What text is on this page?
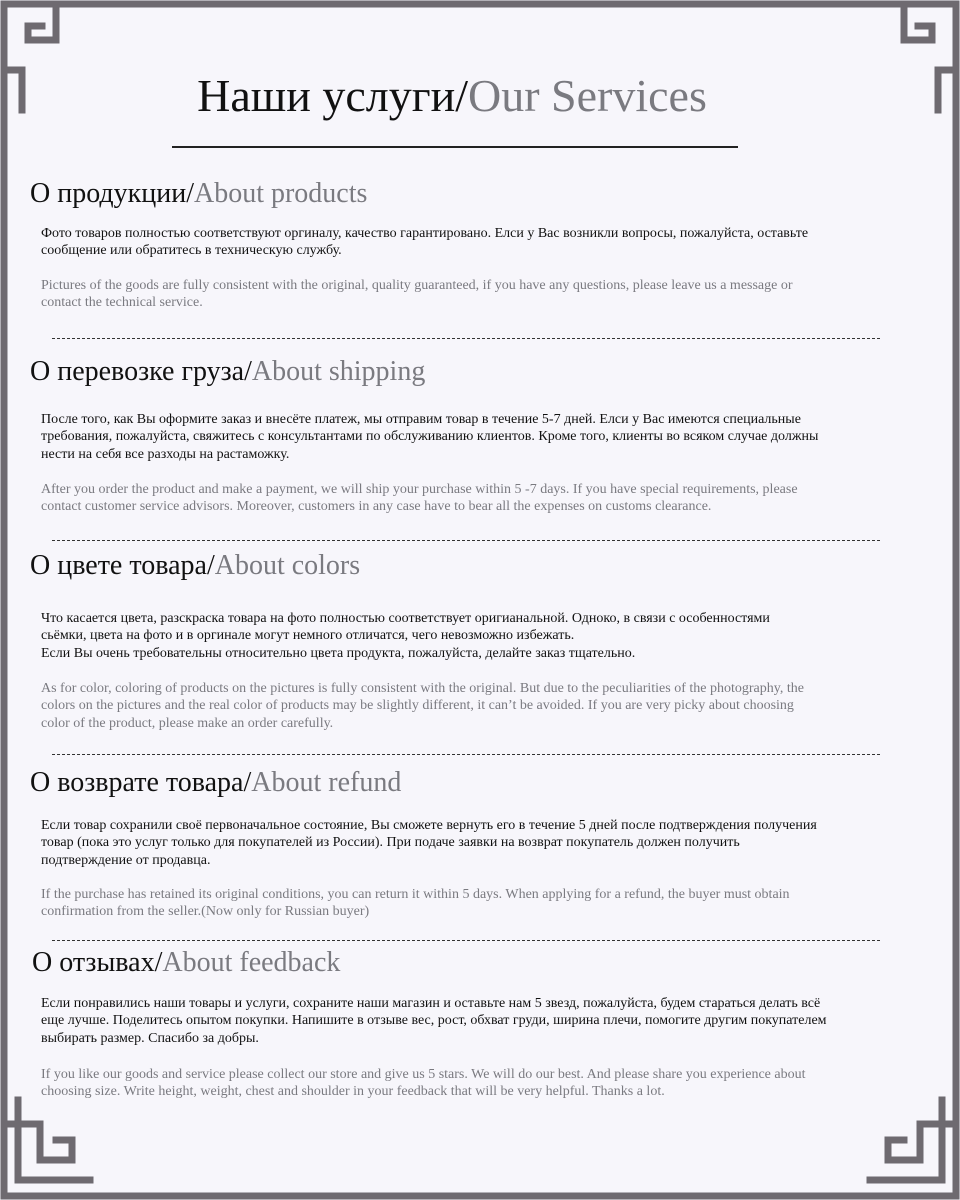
Наши услуги/Our Services
О продукции/About products

Фото товаров полностью соответствуют оргиналу, качество гарантировано. Елси у Вас возникли вопросы, пожалуйста, оставьте
сообщение или обратитесь в техническую службу.

Pictures of the goods are fully consistent with the original, quality guaranteed, if you have any questions, please leave us a message or
contact the technical service.

О перевозке груза/About shipping

После того, как Вы оформите заказ и внесёте платеж, мы отправим товар в течение 5-7 дней. Елси у Вас имеются специальные
требования, пожалуйста, свяжитесь с консультантами по обслуживанию клиентов. Кроме того, клиенты во всяком случае должны
нести на себя все разходы на растаможку.

After you order the product and make a payment, we will ship your purchase within 5 -7 days. If you have special requirements, please
contact customer service advisors. Moreover, customers in any case have to bear all the expenses on customs clearance.

О цвете товара/About colors

Что касается цвета, разскраска товара на фото полностью соответствует оригианальной. Одноко, в связи с особенностями
сьёмки, цвета на фото и в оргинале могут немного отличатся, чего невозможно избежать.
Если Вы очень требовательны относительно цвета продукта, пожалуйста, делайте заказ тщательно.

As for color, coloring of products on the pictures is fully consistent with the original. But due to the peculiarities of the photography, the
colors on the pictures and the real color of products may be slightly different, it can’t be avoided. If you are very picky about choosing
color of the product, please make an order carefully.

О возврате товара/About refund

Если товар сохранили своё первоначальное состояние, Вы сможете вернуть его в течение 5 дней после подтверждения получения
товар (пока это услуг только для покупателей из России). При подаче заявки на возврат покупатель должен получить
подтверждение от продавца.

If the purchase has retained its original conditions, you can return it within 5 days. When applying for a refund, the buyer must obtain
confirmation from the seller.(Now only for Russian buyer)

О отзывах/About feedback

Если понравились наши товары и услуги, сохраните наши магазин и оставьте нам 5 звезд, пожалуйста, будем стараться делать всё
еще лучше. Поделитесь опытом покупки. Напишите в отзыве вес, рост, обхват груди, ширина плечи, помогите другим покупателем
выбирать размер. Спасибо за добры.

If you like our goods and service please collect our store and give us 5 stars. We will do our best. And please share you experience about
choosing size. Write height, weight, chest and shoulder in your feedback that will be very helpful. Thanks a lot.
